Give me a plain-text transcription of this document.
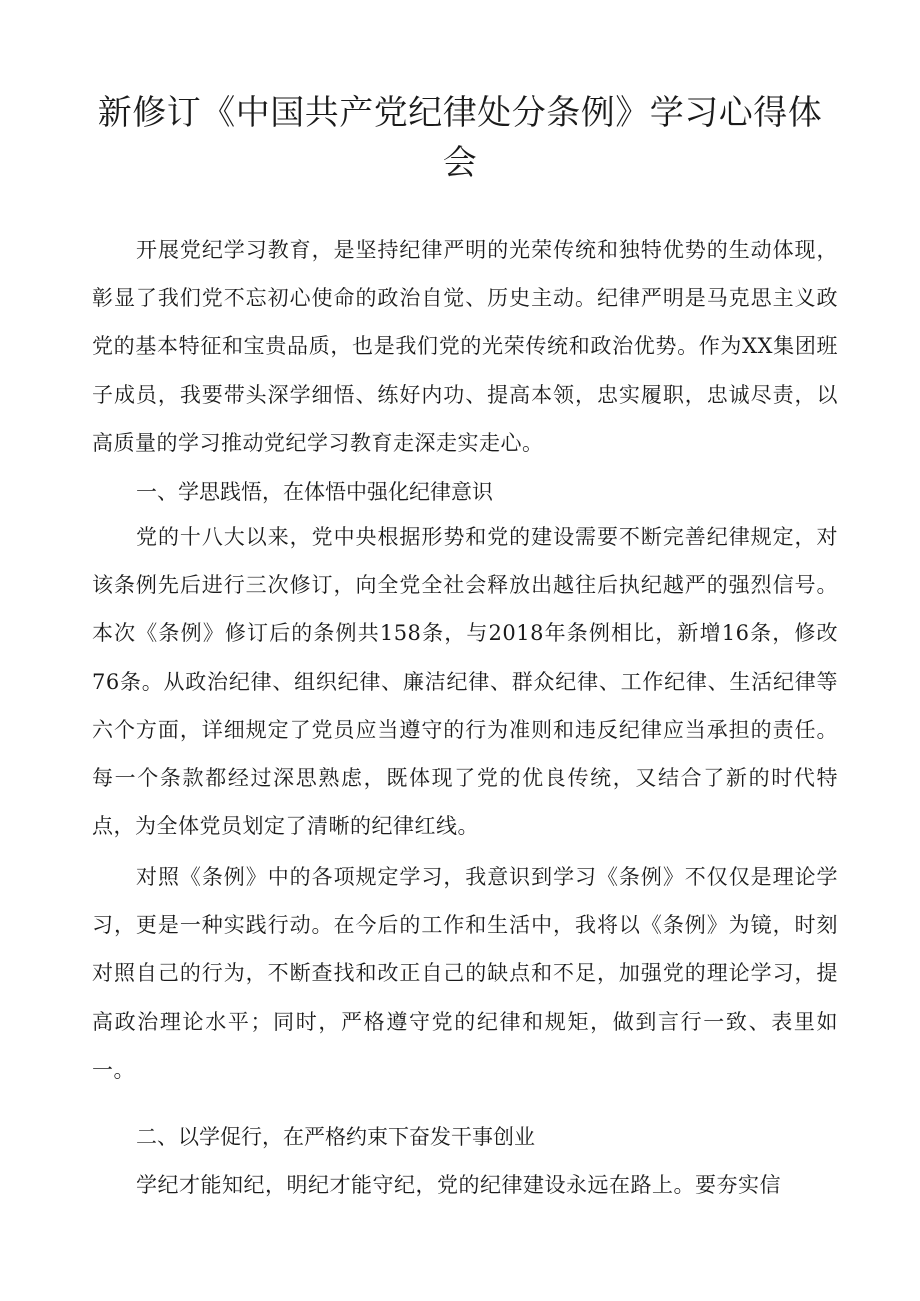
新修订《中国共产党纪律处分条例》学习心得体会

开展党纪学习教育，是坚持纪律严明的光荣传统和独特优势的生动体现，彰显了我们党不忘初心使命的政治自觉、历史主动。纪律严明是马克思主义政党的基本特征和宝贵品质，也是我们党的光荣传统和政治优势。作为XX集团班子成员，我要带头深学细悟、练好内功、提高本领，忠实履职，忠诚尽责，以高质量的学习推动党纪学习教育走深走实走心。

一、学思践悟，在体悟中强化纪律意识

党的十八大以来，党中央根据形势和党的建设需要不断完善纪律规定，对该条例先后进行三次修订，向全党全社会释放出越往后执纪越严的强烈信号。本次《条例》修订后的条例共158条，与2018年条例相比，新增16条，修改76条。从政治纪律、组织纪律、廉洁纪律、群众纪律、工作纪律、生活纪律等六个方面，详细规定了党员应当遵守的行为准则和违反纪律应当承担的责任。每一个条款都经过深思熟虑，既体现了党的优良传统，又结合了新的时代特点，为全体党员划定了清晰的纪律红线。

对照《条例》中的各项规定学习，我意识到学习《条例》不仅仅是理论学习，更是一种实践行动。在今后的工作和生活中，我将以《条例》为镜，时刻对照自己的行为，不断查找和改正自己的缺点和不足，加强党的理论学习，提高政治理论水平；同时，严格遵守党的纪律和规矩，做到言行一致、表里如一。

二、以学促行，在严格约束下奋发干事创业

学纪才能知纪，明纪才能守纪，党的纪律建设永远在路上。要夯实信
